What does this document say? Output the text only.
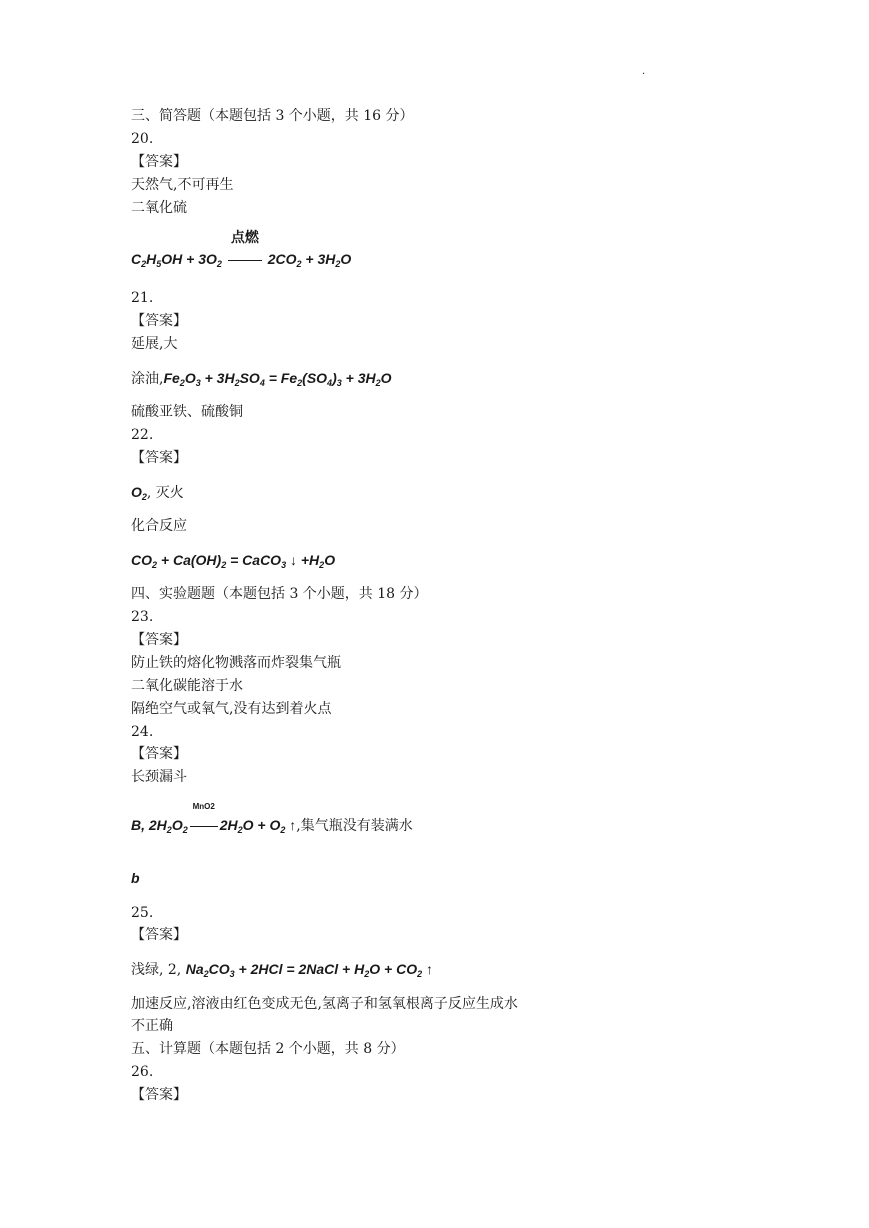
.
三、简答题（本题包括 3 个小题，共 16 分）
20.
【答案】
天然气,不可再生
二氧化硫
$C_2H_5OH + 3O_2$
点燃
$2CO_2 + 3H_2O$
21.
【答案】
延展,大
涂油$,Fe_2O_3 + 3H_2SO_4 = Fe_2(SO_4)_3 + 3H_2O$
硫酸亚铁、硫酸铜
22.
【答案】
$O_2$, 灭火
化合反应
$CO_2 + Ca(OH)_2$ = CaCO$_3$ ↓ $+H_2O$
四、实验题题（本题包括 3 个小题，共 18 分）
23.
【答案】
防止铁的熔化物溅落而炸裂集气瓶
二氧化碳能溶于水
隔绝空气或氧气,没有达到着火点
24.
【答案】
长颈漏斗
B, $2H_2O_2$
MnO2
$2H_2O + O_2$ ↑,集气瓶没有装满水
b
25.
【答案】
浅绿, 2, $Na_2CO_3 + 2HCl$ = 2NaCl + $H_2O + CO_2$ ↑
加速反应,溶液由红色变成无色,氢离子和氢氧根离子反应生成水
不正确
五、计算题（本题包括 2 个小题，共 8 分）
26.
【答案】
